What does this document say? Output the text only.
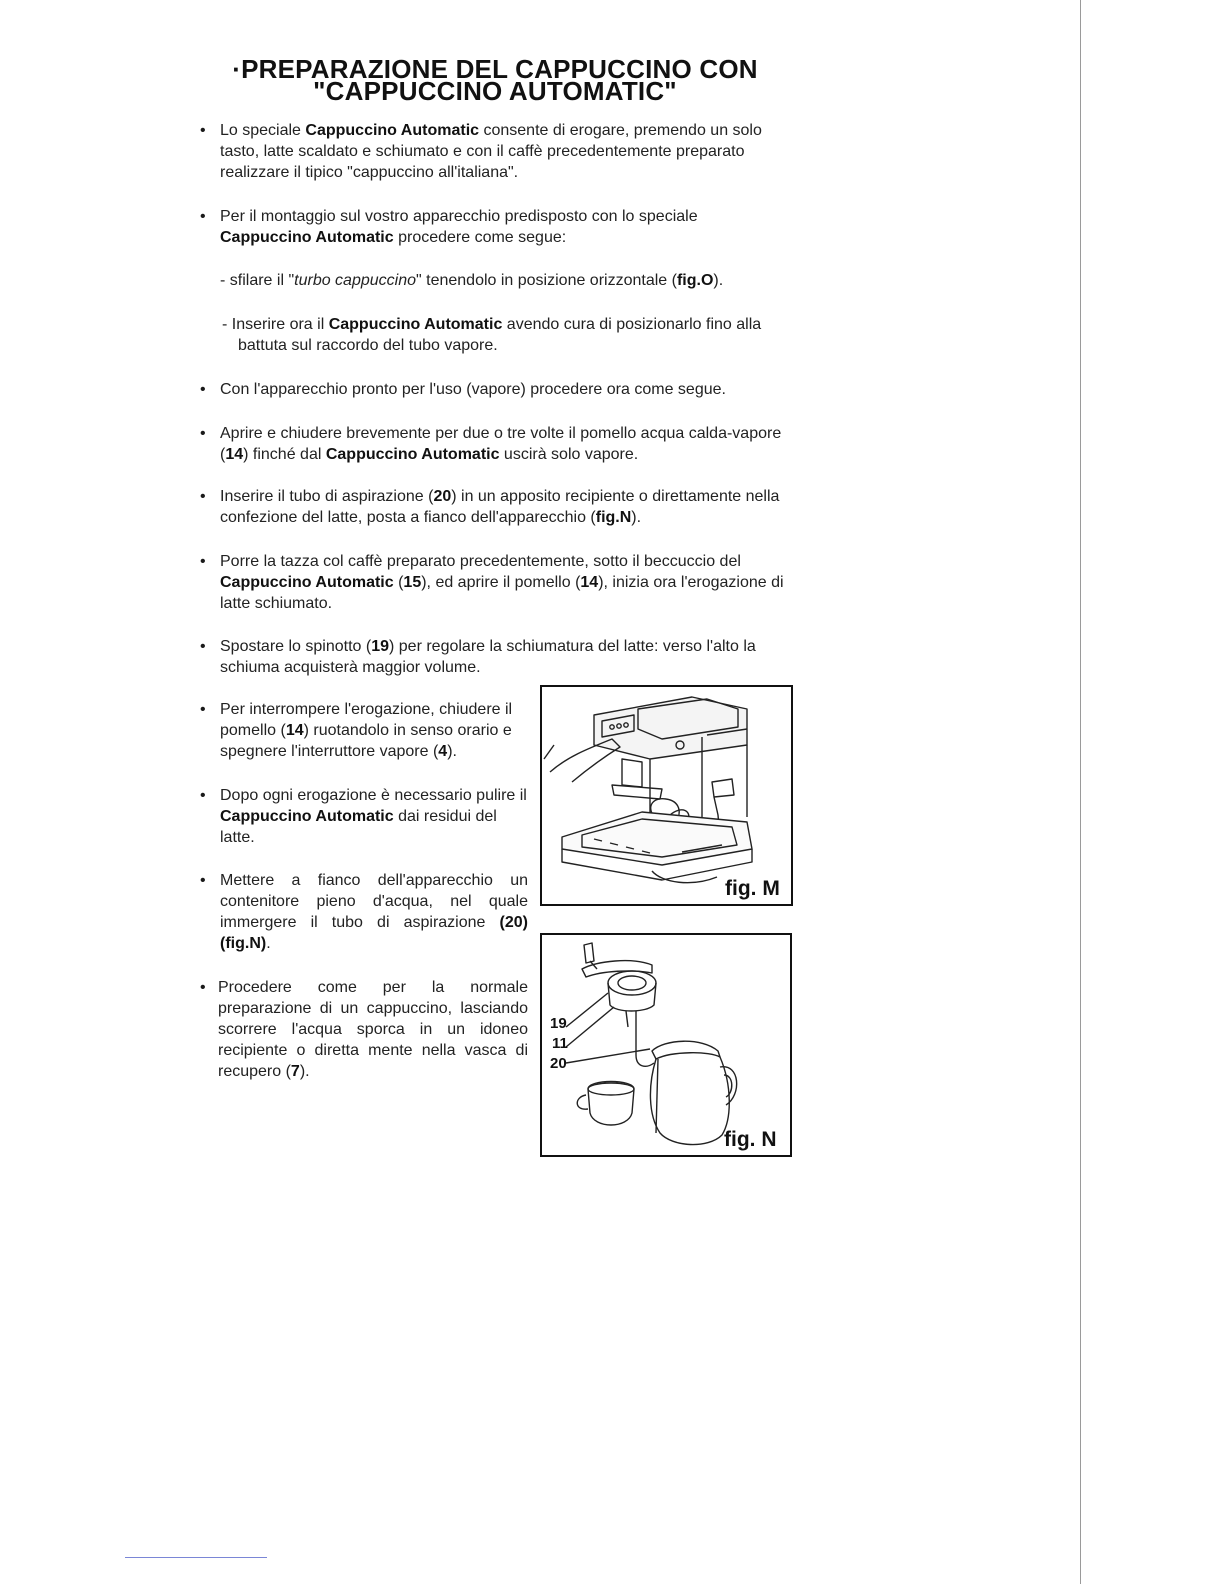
·PREPARAZIONE DEL CAPPUCCINO CON
"CAPPUCCINO AUTOMATIC"
• Lo speciale Cappuccino Automatic consente di erogare, premendo un solo tasto, latte scaldato e schiumato e con il caffè precedentemente preparato realizzare il tipico "cappuccino all'italiana".
• Per il montaggio sul vostro apparecchio predisposto con lo speciale Cappuccino Automatic procedere come segue:
- sfilare il "turbo cappuccino" tenendolo in posizione orizzontale (fig.O).
- Inserire ora il Cappuccino Automatic avendo cura di posizionarlo fino alla battuta sul raccordo del tubo vapore.
• Con l'apparecchio pronto per l'uso (vapore) procedere ora come segue.
• Aprire e chiudere brevemente per due o tre volte il pomello acqua calda-vapore (14) finché dal Cappuccino Automatic uscirà solo vapore.
• Inserire il tubo di aspirazione (20) in un apposito recipiente o direttamente nella confezione del latte, posta a fianco dell'apparecchio (fig.N).
• Porre la tazza col caffè preparato precedentemente, sotto il beccuccio del Cappuccino Automatic (15), ed aprire il pomello (14), inizia ora l'erogazione di latte schiumato.
• Spostare lo spinotto (19) per regolare la schiumatura del latte: verso l'alto la schiuma acquisterà maggior volume.
• Per interrompere l'erogazione, chiudere il pomello (14) ruotandolo in senso orario e spegnere l'interruttore vapore (4).
• Dopo ogni erogazione è necessario pulire il Cappuccino Automatic dai residui del latte.
• Mettere a fianco dell'apparecchio un contenitore pieno d'acqua, nel quale immergere il tubo di aspirazione (20)(fig.N).
• Procedere come per la normale preparazione di un cappuccino, lasciando scorrere l'acqua sporca in un idoneo recipiente o diretta mente nella vasca di recupero (7).
fig. M
19
11
20
fig. N
